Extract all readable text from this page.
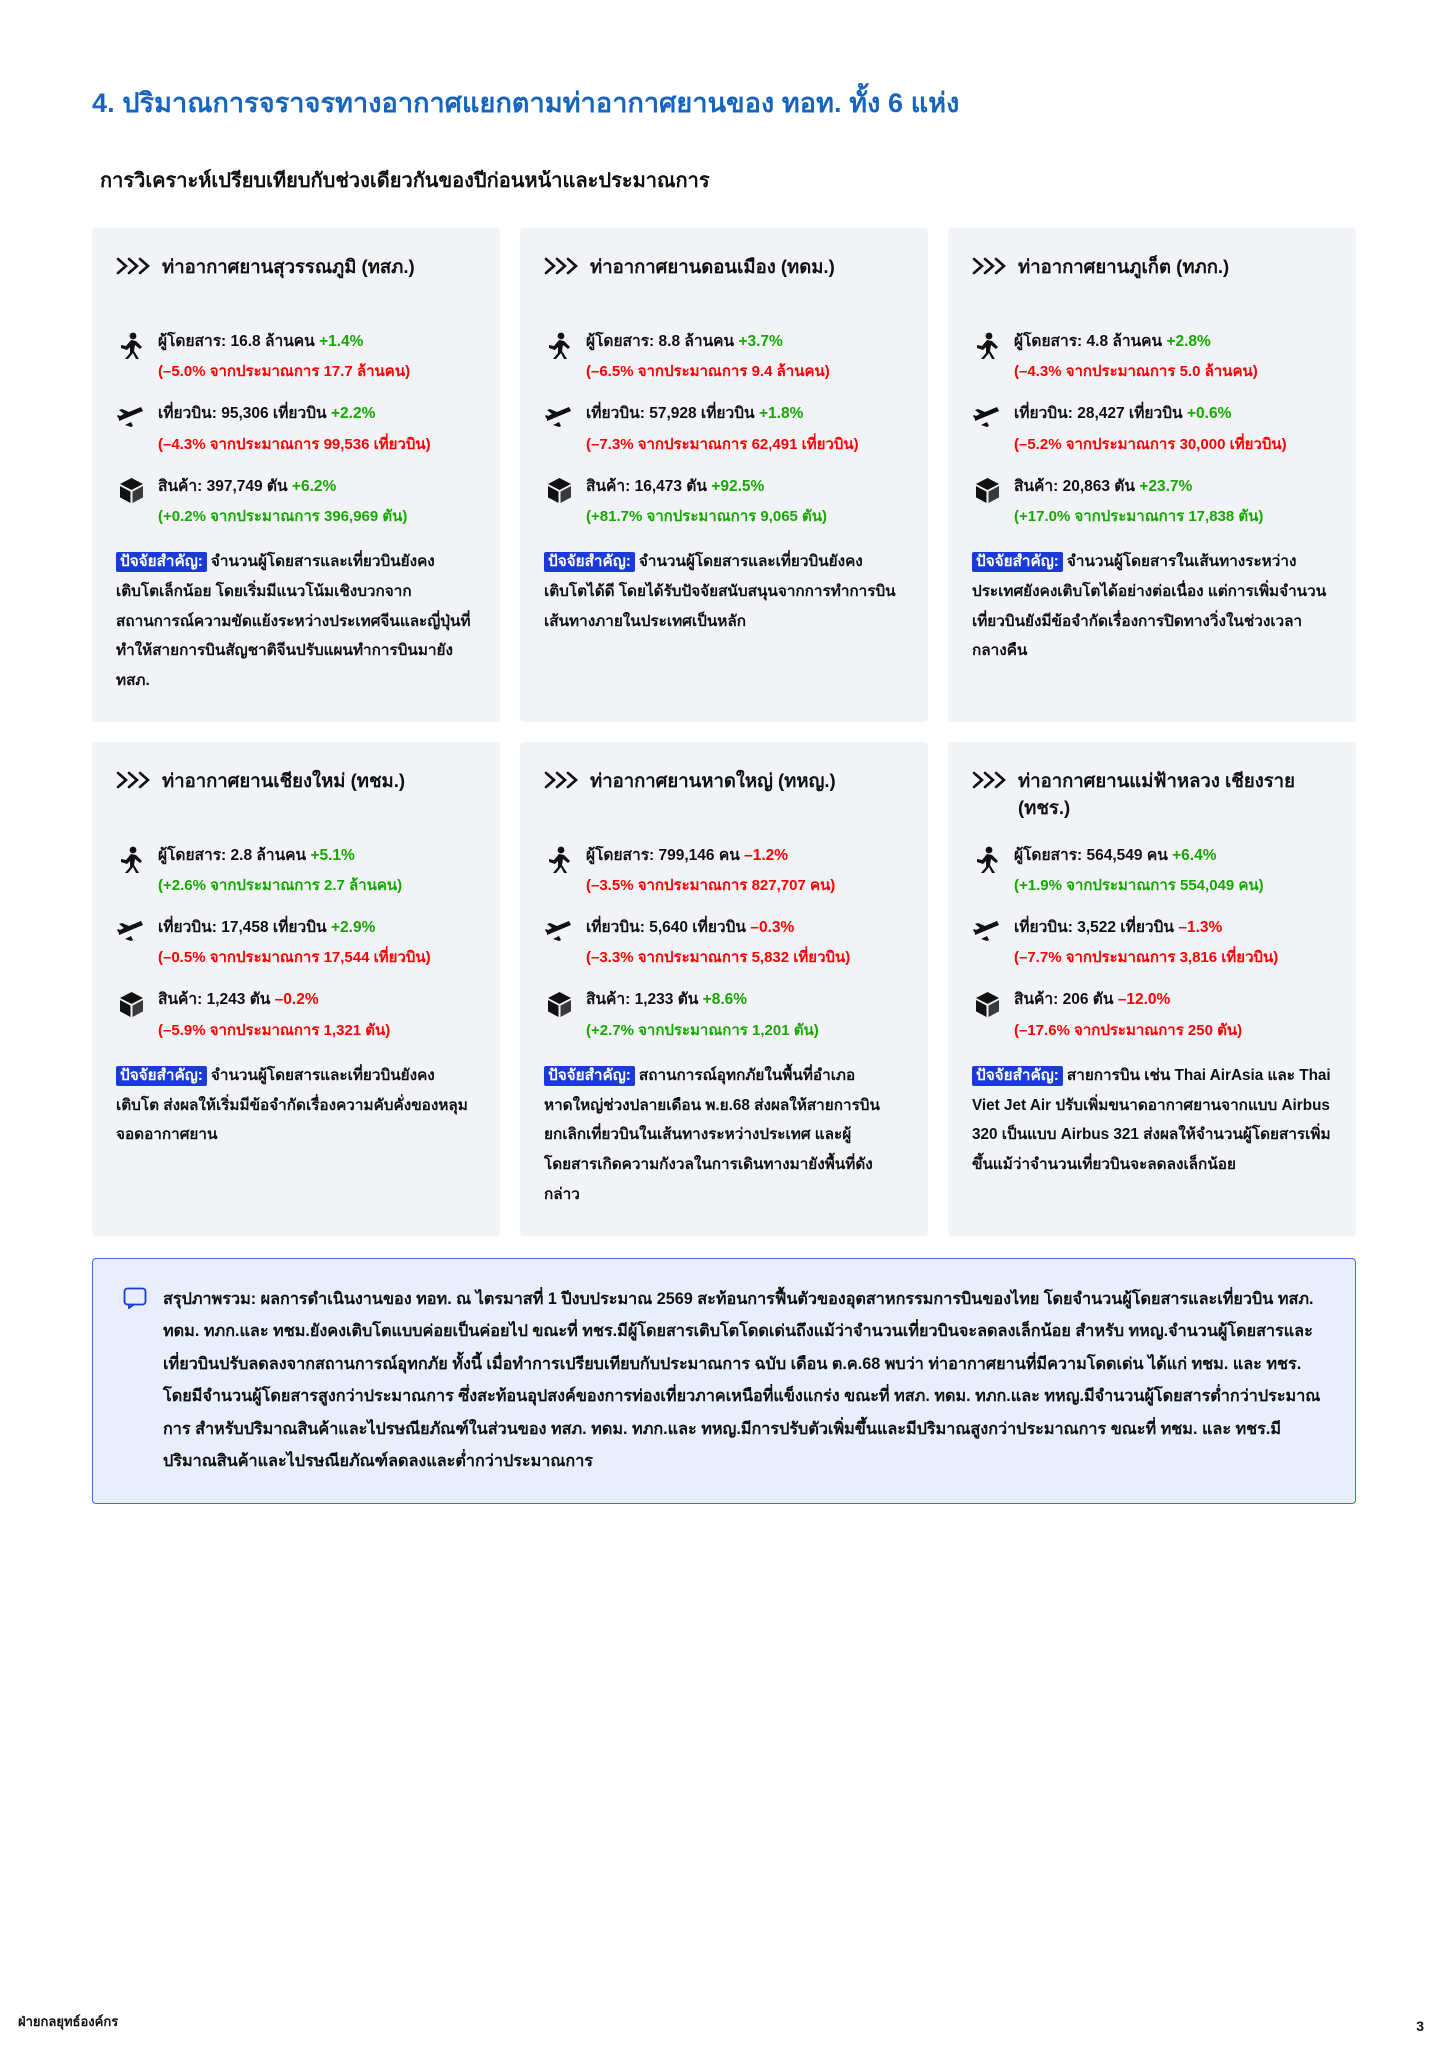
4. ปริมาณการจราจรทางอากาศแยกตามท่าอากาศยานของ ทอท. ทั้ง 6 แห่ง
การวิเคราะห์เปรียบเทียบกับช่วงเดียวกันของปีก่อนหน้าและประมาณการ
ท่าอากาศยานสุวรรณภูมิ (ทสภ.)
ผู้โดยสาร: 16.8 ล้านคน +1.4%
(–5.0% จากประมาณการ 17.7 ล้านคน)
เที่ยวบิน: 95,306 เที่ยวบิน +2.2%
(–4.3% จากประมาณการ 99,536 เที่ยวบิน)
สินค้า: 397,749 ตัน +6.2%
(+0.2% จากประมาณการ 396,969 ตัน)
ปัจจัยสำคัญ: จำนวนผู้โดยสารและเที่ยวบินยังคงเติบโตเล็กน้อย โดยเริ่มมีแนวโน้มเชิงบวกจากสถานการณ์ความขัดแย้งระหว่างประเทศจีนและญี่ปุ่นที่ทำให้สายการบินสัญชาติจีนปรับแผนทำการบินมายัง ทสภ.
ท่าอากาศยานดอนเมือง (ทดม.)
ผู้โดยสาร: 8.8 ล้านคน +3.7%
(–6.5% จากประมาณการ 9.4 ล้านคน)
เที่ยวบิน: 57,928 เที่ยวบิน +1.8%
(–7.3% จากประมาณการ 62,491 เที่ยวบิน)
สินค้า: 16,473 ตัน +92.5%
(+81.7% จากประมาณการ 9,065 ตัน)
ปัจจัยสำคัญ: จำนวนผู้โดยสารและเที่ยวบินยังคงเติบโตได้ดี โดยได้รับปัจจัยสนับสนุนจากการทำการบินเส้นทางภายในประเทศเป็นหลัก
ท่าอากาศยานภูเก็ต (ทภก.)
ผู้โดยสาร: 4.8 ล้านคน +2.8%
(–4.3% จากประมาณการ 5.0 ล้านคน)
เที่ยวบิน: 28,427 เที่ยวบิน +0.6%
(–5.2% จากประมาณการ 30,000 เที่ยวบิน)
สินค้า: 20,863 ตัน +23.7%
(+17.0% จากประมาณการ 17,838 ตัน)
ปัจจัยสำคัญ: จำนวนผู้โดยสารในเส้นทางระหว่างประเทศยังคงเติบโตได้อย่างต่อเนื่อง แต่การเพิ่มจำนวนเที่ยวบินยังมีข้อจำกัดเรื่องการปิดทางวิ่งในช่วงเวลากลางคืน
ท่าอากาศยานเชียงใหม่ (ทชม.)
ผู้โดยสาร: 2.8 ล้านคน +5.1%
(+2.6% จากประมาณการ 2.7 ล้านคน)
เที่ยวบิน: 17,458 เที่ยวบิน +2.9%
(–0.5% จากประมาณการ 17,544 เที่ยวบิน)
สินค้า: 1,243 ตัน –0.2%
(–5.9% จากประมาณการ 1,321 ตัน)
ปัจจัยสำคัญ: จำนวนผู้โดยสารและเที่ยวบินยังคงเติบโต ส่งผลให้เริ่มมีข้อจำกัดเรื่องความคับคั่งของหลุมจอดอากาศยาน
ท่าอากาศยานหาดใหญ่ (ทหญ.)
ผู้โดยสาร: 799,146 คน –1.2%
(–3.5% จากประมาณการ 827,707 คน)
เที่ยวบิน: 5,640 เที่ยวบิน –0.3%
(–3.3% จากประมาณการ 5,832 เที่ยวบิน)
สินค้า: 1,233 ตัน +8.6%
(+2.7% จากประมาณการ 1,201 ตัน)
ปัจจัยสำคัญ: สถานการณ์อุทกภัยในพื้นที่อำเภอหาดใหญ่ช่วงปลายเดือน พ.ย.68 ส่งผลให้สายการบินยกเลิกเที่ยวบินในเส้นทางระหว่างประเทศ และผู้โดยสารเกิดความกังวลในการเดินทางมายังพื้นที่ดังกล่าว
ท่าอากาศยานแม่ฟ้าหลวง เชียงราย (ทชร.)
ผู้โดยสาร: 564,549 คน +6.4%
(+1.9% จากประมาณการ 554,049 คน)
เที่ยวบิน: 3,522 เที่ยวบิน –1.3%
(–7.7% จากประมาณการ 3,816 เที่ยวบิน)
สินค้า: 206 ตัน –12.0%
(–17.6% จากประมาณการ 250 ตัน)
ปัจจัยสำคัญ: สายการบิน เช่น Thai AirAsia และ Thai Viet Jet Air ปรับเพิ่มขนาดอากาศยานจากแบบ Airbus 320 เป็นแบบ Airbus 321 ส่งผลให้จำนวนผู้โดยสารเพิ่มขึ้นแม้ว่าจำนวนเที่ยวบินจะลดลงเล็กน้อย

สรุปภาพรวม: ผลการดำเนินงานของ ทอท. ณ ไตรมาสที่ 1 ปีงบประมาณ 2569 สะท้อนการฟื้นตัวของอุตสาหกรรมการบินของไทย โดยจำนวนผู้โดยสารและเที่ยวบิน ทสภ. ทดม. ทภก.และ ทชม.ยังคงเติบโตแบบค่อยเป็นค่อยไป ขณะที่ ทชร.มีผู้โดยสารเติบโตโดดเด่นถึงแม้ว่าจำนวนเที่ยวบินจะลดลงเล็กน้อย สำหรับ ทหญ.จำนวนผู้โดยสารและเที่ยวบินปรับลดลงจากสถานการณ์อุทกภัย ทั้งนี้ เมื่อทำการเปรียบเทียบกับประมาณการ ฉบับ เดือน ต.ค.68 พบว่า ท่าอากาศยานที่มีความโดดเด่น ได้แก่ ทชม. และ ทชร. โดยมีจำนวนผู้โดยสารสูงกว่าประมาณการ ซึ่งสะท้อนอุปสงค์ของการท่องเที่ยวภาคเหนือที่แข็งแกร่ง ขณะที่ ทสภ. ทดม. ทภก.และ ทหญ.มีจำนวนผู้โดยสารต่ำกว่าประมาณการ สำหรับปริมาณสินค้าและไปรษณียภัณฑ์ในส่วนของ ทสภ. ทดม. ทภก.และ ทหญ.มีการปรับตัวเพิ่มขึ้นและมีปริมาณสูงกว่าประมาณการ ขณะที่ ทชม. และ ทชร.มีปริมาณสินค้าและไปรษณียภัณฑ์ลดลงและต่ำกว่าประมาณการ

ฝ่ายกลยุทธ์องค์กร	3
